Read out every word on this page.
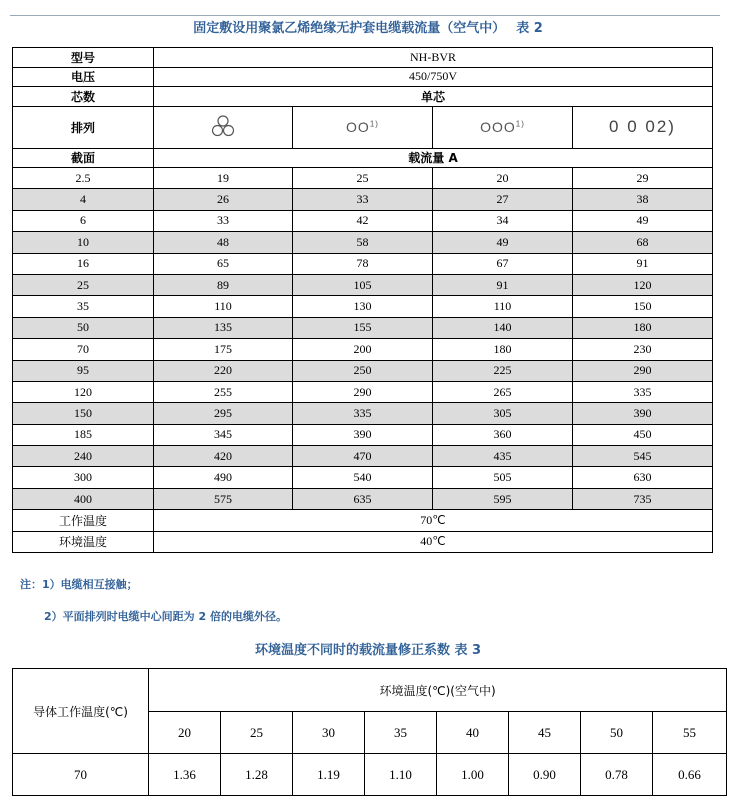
固定敷设用聚氯乙烯绝缘无护套电缆载流量（空气中）　 表 2
型号	NH-BVR			
电压	450/750V			
芯数	单芯			
排列		OO$^{1)}$	OOO$^{1)}$	0 0 02)
截面	载流量 A			
2.5	19	25	20	29
4	26	33	27	38
6	33	42	34	49
10	48	58	49	68
16	65	78	67	91
25	89	105	91	120
35	110	130	110	150
50	135	155	140	180
70	175	200	180	230
95	220	250	225	290
120	255	290	265	335
150	295	335	305	390
185	345	390	360	450
240	420	470	435	545
300	490	540	505	630
400	575	635	595	735
工作温度	70℃			
环境温度	40℃			
注：1）电缆相互接触；
2）平面排列时电缆中心间距为 2 倍的电缆外径。
环境温度不同时的载流量修正系数 表 3
导体工作温度(℃)	环境温度(℃)(空气中)							
	20	25	30	35	40	45	50	55
70	1.36	1.28	1.19	1.10	1.00	0.90	0.78	0.66
